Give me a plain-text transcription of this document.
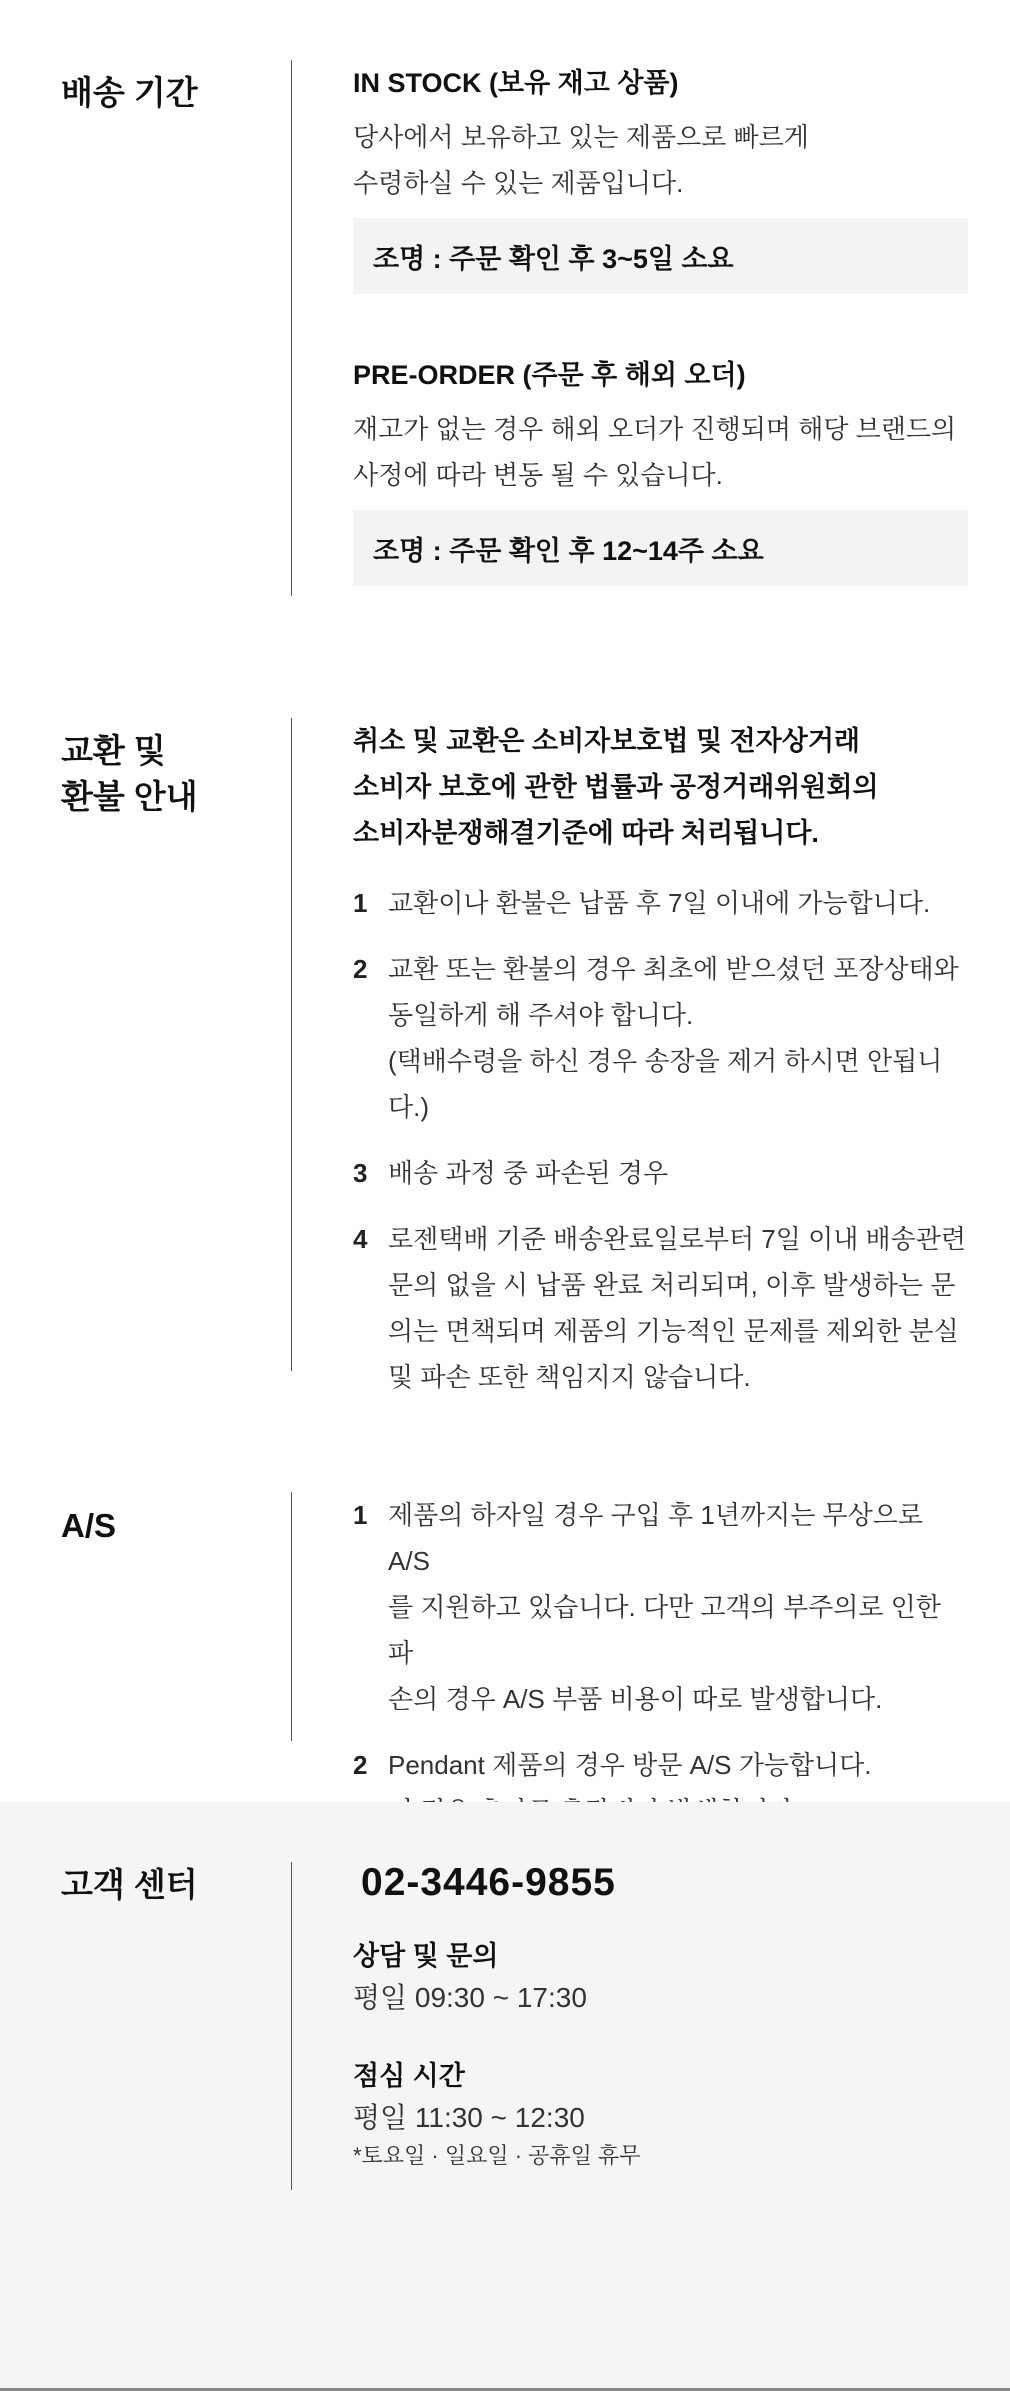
배송 기간	IN STOCK (보유 재고 상품)
당사에서 보유하고 있는 제품으로 빠르게
수령하실 수 있는 제품입니다.
조명 : 주문 확인 후 3~5일 소요
PRE-ORDER (주문 후 해외 오더)
재고가 없는 경우 해외 오더가 진행되며 해당 브랜드의
사정에 따라 변동 될 수 있습니다.
조명 : 주문 확인 후 12~14주 소요
교환 및
환불 안내
취소 및 교환은 소비자보호법 및 전자상거래
소비자 보호에 관한 법률과 공정거래위원회의
소비자분쟁해결기준에 따라 처리됩니다.
1 교환이나 환불은 납품 후 7일 이내에 가능합니다.
2 교환 또는 환불의 경우 최초에 받으셨던 포장상태와
동일하게 해 주셔야 합니다.
(택배수령을 하신 경우 송장을 제거 하시면 안됩니다.)
3 배송 과정 중 파손된 경우
4 로젠택배 기준 배송완료일로부터 7일 이내 배송관련
문의 없을 시 납품 완료 처리되며, 이후 발생하는 문
의는 면책되며 제품의 기능적인 문제를 제외한 분실
및 파손 또한 책임지지 않습니다.
A/S	1 제품의 하자일 경우 구입 후 1년까지는 무상으로 A/S
를 지원하고 있습니다. 다만 고객의 부주의로 인한 파
손의 경우 A/S 부품 비용이 따로 발생합니다.
2 Pendant 제품의 경우 방문 A/S 가능합니다.
고객 센터	02-3446-9855
상담 및 문의
평일 09:30 ~ 17:30
점심 시간
평일 11:30 ~ 12:30
*토요일 · 일요일 · 공휴일 휴무
